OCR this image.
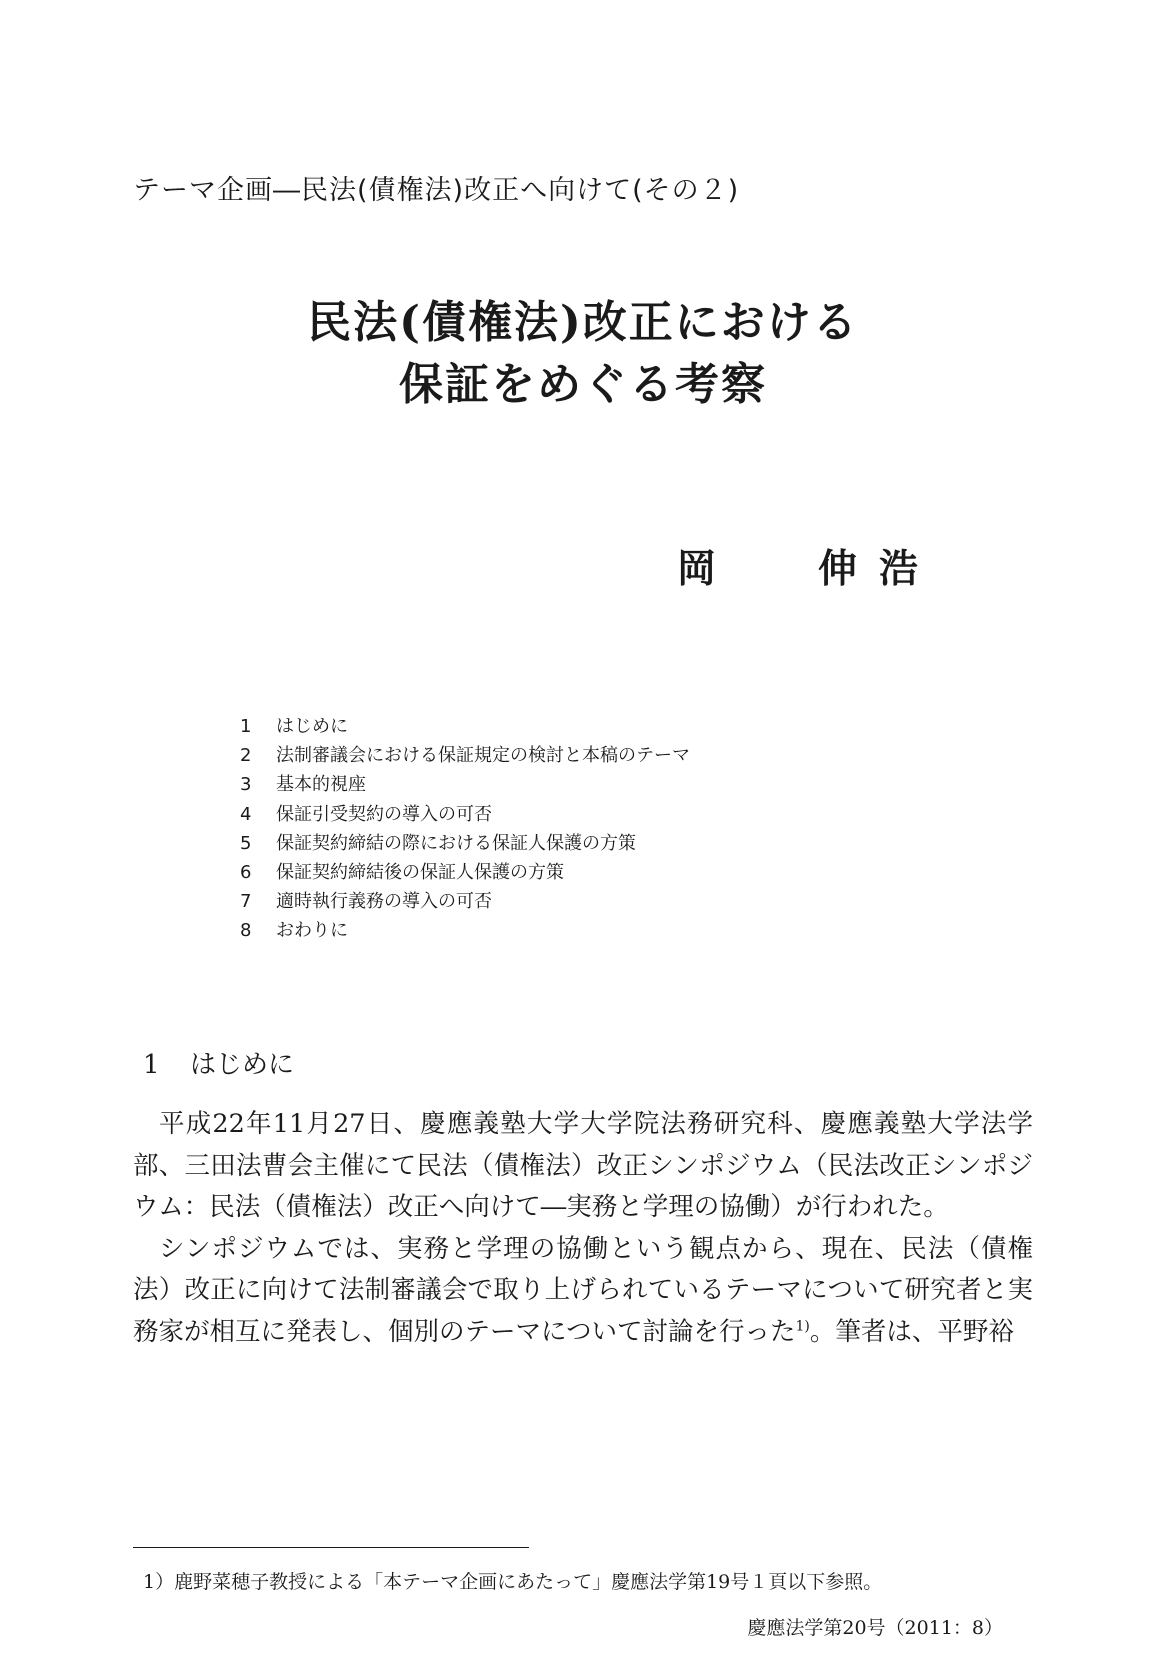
テーマ企画―民法(債権法)改正へ向けて(その２)
民法(債権法)改正における
保証をめぐる考察
岡	伸浩
1 はじめに
2 法制審議会における保証規定の検討と本稿のテーマ
3 基本的視座
4 保証引受契約の導入の可否
5 保証契約締結の際における保証人保護の方策
6 保証契約締結後の保証人保護の方策
7 適時執行義務の導入の可否
8 おわりに
1 はじめに

平成22年11月27日、慶應義塾大学大学院法務研究科、慶應義塾大学法学部、三田法曹会主催にて民法（債権法）改正シンポジウム（民法改正シンポジウム：民法（債権法）改正へ向けて―実務と学理の協働）が行われた。

シンポジウムでは、実務と学理の協働という観点から、現在、民法（債権法）改正に向けて法制審議会で取り上げられているテーマについて研究者と実務家が相互に発表し、個別のテーマについて討論を行った$^{1)}$。筆者は、平野裕

1）鹿野菜穂子教授による「本テーマ企画にあたって」慶應法学第19号１頁以下参照。
慶應法学第20号（2011：8）
